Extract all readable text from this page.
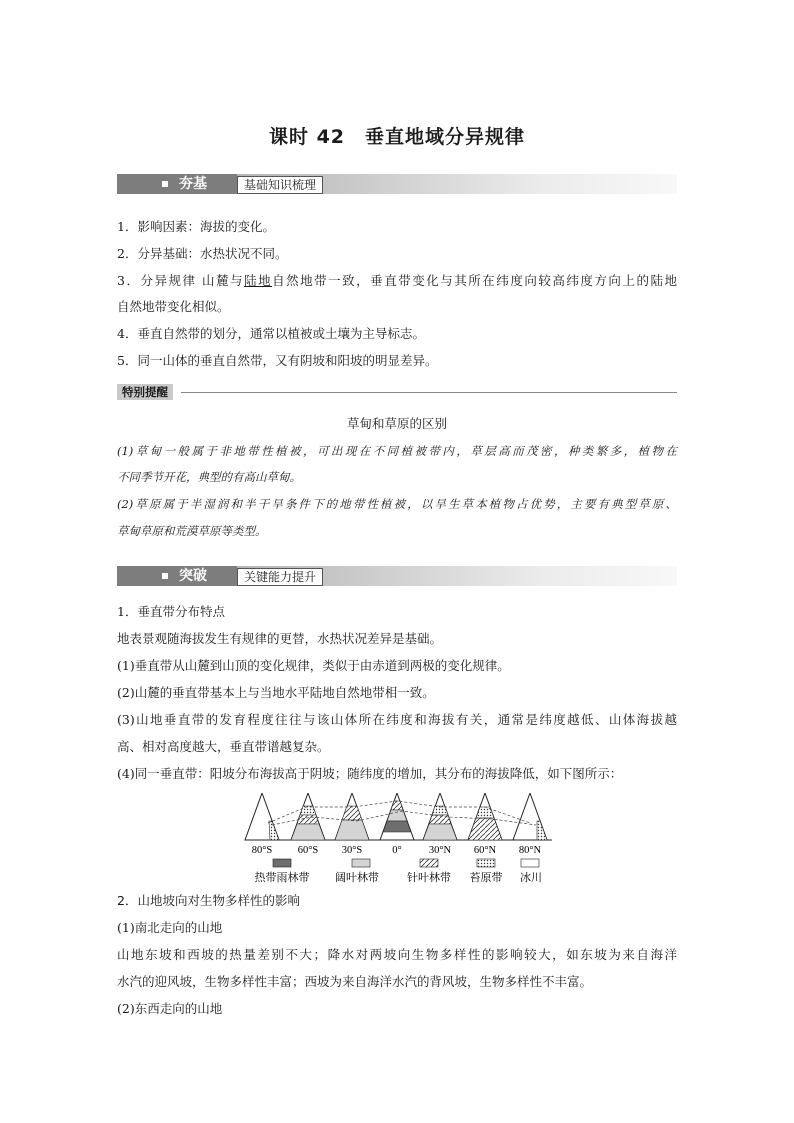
课时 42　垂直地域分异规律
夯基	基础知识梳理
1．影响因素：海拔的变化。
2．分异基础：水热状况不同。
3．分异规律 山麓与陆地自然地带一致，垂直带变化与其所在纬度向较高纬度方向上的陆地
自然地带变化相似。
4．垂直自然带的划分，通常以植被或土壤为主导标志。
5．同一山体的垂直自然带，又有阴坡和阳坡的明显差异。
特别提醒
草甸和草原的区别
(1)草甸一般属于非地带性植被，可出现在不同植被带内，草层高而茂密，种类繁多，植物在
不同季节开花，典型的有高山草甸。
(2)草原属于半湿润和半干旱条件下的地带性植被，以旱生草本植物占优势，主要有典型草原、
草甸草原和荒漠草原等类型。
突破	关键能力提升
1．垂直带分布特点
地表景观随海拔发生有规律的更替，水热状况差异是基础。
(1)垂直带从山麓到山顶的变化规律，类似于由赤道到两极的变化规律。
(2)山麓的垂直带基本上与当地水平陆地自然地带相一致。
(3)山地垂直带的发育程度往往与该山体所在纬度和海拔有关，通常是纬度越低、山体海拔越
高、相对高度越大，垂直带谱越复杂。
(4)同一垂直带：阳坡分布海拔高于阴坡；随纬度的增加，其分布的海拔降低，如下图所示：
80°S 60°S 30°S	0°	30°N 60°N 80°N
热带雨林带 阔叶林带	针叶林带 苔原带 冰川
2．山地坡向对生物多样性的影响
(1)南北走向的山地
山地东坡和西坡的热量差别不大；降水对两坡向生物多样性的影响较大，如东坡为来自海洋
水汽的迎风坡，生物多样性丰富；西坡为来自海洋水汽的背风坡，生物多样性不丰富。
(2)东西走向的山地
